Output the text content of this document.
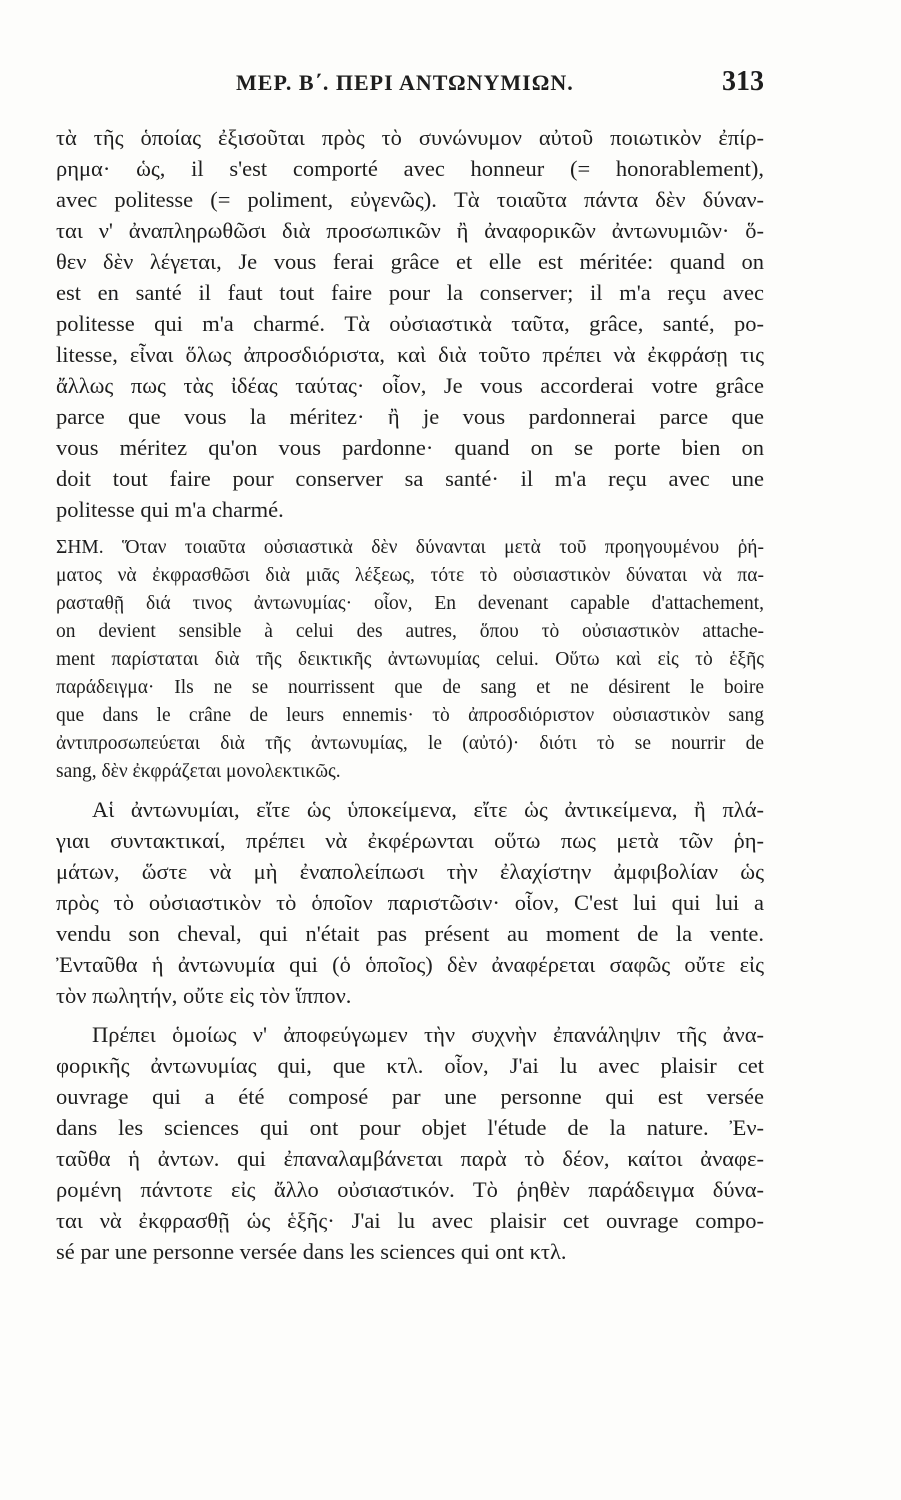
ΜΕΡ. Β΄. ΠΕΡΙ ΑΝΤΩΝΥΜΙΩΝ.	313
τὰ τῆς ὁποίας ἐξισοῦται πρὸς τὸ συνώνυμον αὐτοῦ ποιωτικὸν ἐπίρ-
ρημα· ὡς, il s'est comporté avec honneur (= honorablement),
avec politesse (= poliment, εὐγενῶς). Τὰ τοιαῦτα πάντα δὲν δύναν-
ται ν' ἀναπληρωθῶσι διὰ προσωπικῶν ἢ ἀναφορικῶν ἀντωνυμιῶν· ὅ-
θεν δὲν λέγεται, Je vous ferai grâce et elle est méritée: quand on
est en santé il faut tout faire pour la conserver; il m'a reçu avec
politesse qui m'a charmé. Τὰ οὐσιαστικὰ ταῦτα, grâce, santé, po-
litesse, εἶναι ὅλως ἀπροσδιόριστα, καὶ διὰ τοῦτο πρέπει νὰ ἐκφράσῃ τις
ἄλλως πως τὰς ἰδέας ταύτας· οἷον, Je vous accorderai votre grâce
parce que vous la méritez· ἢ je vous pardonnerai parce que
vous méritez qu'on vous pardonne· quand on se porte bien on
doit tout faire pour conserver sa santé· il m'a reçu avec une
politesse qui m'a charmé.
ΣΗΜ. Ὅταν τοιαῦτα οὐσιαστικὰ δὲν δύνανται μετὰ τοῦ προηγουμένου ῥή-
ματος νὰ ἐκφρασθῶσι διὰ μιᾶς λέξεως, τότε τὸ οὐσιαστικὸν δύναται νὰ πα-
ρασταθῇ διά τινος ἀντωνυμίας· οἷον, En devenant capable d'attachement,
on devient sensible à celui des autres, ὅπου τὸ οὐσιαστικὸν attache-
ment παρίσταται διὰ τῆς δεικτικῆς ἀντωνυμίας celui. Οὕτω καὶ εἰς τὸ ἑξῆς
παράδειγμα· Ils ne se nourrissent que de sang et ne désirent le boire
que dans le crâne de leurs ennemis· τὸ ἀπροσδιόριστον οὐσιαστικὸν sang
ἀντιπροσωπεύεται διὰ τῆς ἀντωνυμίας, le (αὐτό)· διότι τὸ se nourrir de
sang, δὲν ἐκφράζεται μονολεκτικῶς.
Αἱ ἀντωνυμίαι, εἴτε ὡς ὑποκείμενα, εἴτε ὡς ἀντικείμενα, ἢ πλά-
γιαι συντακτικαί, πρέπει νὰ ἐκφέρωνται οὕτω πως μετὰ τῶν ῥη-
μάτων, ὥστε νὰ μὴ ἐναπολείπωσι τὴν ἐλαχίστην ἀμφιβολίαν ὡς
πρὸς τὸ οὐσιαστικὸν τὸ ὁποῖον παριστῶσιν· οἷον, C'est lui qui lui a
vendu son cheval, qui n'était pas présent au moment de la vente.
Ἐνταῦθα ἡ ἀντωνυμία qui (ὁ ὁποῖος) δὲν ἀναφέρεται σαφῶς οὔτε εἰς
τὸν πωλητήν, οὔτε εἰς τὸν ἵππον.
Πρέπει ὁμοίως ν' ἀποφεύγωμεν τὴν συχνὴν ἐπανάληψιν τῆς ἀνα-
φορικῆς ἀντωνυμίας qui, que κτλ. οἷον, J'ai lu avec plaisir cet
ouvrage qui a été composé par une personne qui est versée
dans les sciences qui ont pour objet l'étude de la nature. Ἐν-
ταῦθα ἡ ἀντων. qui ἐπαναλαμβάνεται παρὰ τὸ δέον, καίτοι ἀναφε-
ρομένη πάντοτε εἰς ἄλλο οὐσιαστικόν. Τὸ ῥηθὲν παράδειγμα δύνα-
ται νὰ ἐκφρασθῇ ὡς ἑξῆς· J'ai lu avec plaisir cet ouvrage compo-
sé par une personne versée dans les sciences qui ont κτλ.
